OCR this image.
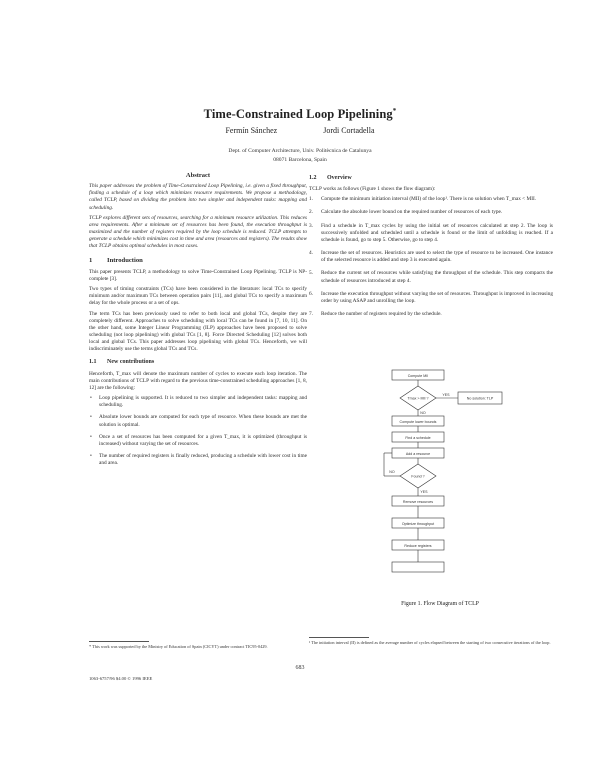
Time-Constrained Loop Pipelining*
Fermín Sánchez	Jordi Cortadella
Dept. of Computer Architecture, Univ. Politècnica de Catalunya
08071 Barcelona, Spain
Abstract

This paper addresses the problem of Time-Constrained Loop Pipelining, i.e. given a fixed throughput, finding a schedule of a loop which minimizes resource requirements. We propose a methodology, called TCLP, based on dividing the problem into two simpler and independent tasks: mapping and scheduling.

TCLP explores different sets of resources, searching for a minimum resource utilization. This reduces area requirements. After a minimum set of resources has been found, the execution throughput is maximized and the number of registers required by the loop schedule is reduced. TCLP attempts to generate a schedule which minimizes cost in time and area (resources and registers). The results show that TCLP obtains optimal schedules in most cases.

1 Introduction

This paper presents TCLP, a methodology to solve Time-Constrained Loop Pipelining. TCLP is NP-complete [3].

Two types of timing constraints (TCs) have been considered in the literature: local TCs to specify minimum and/or maximum TCs between operation pairs [11], and global TCs to specify a maximum delay for the whole process or a set of ops.

The term TCs has been previously used to refer to both local and global TCs, despite they are completely different. Approaches to solve scheduling with local TCs can be found in [7, 10, 11]. On the other hand, some Integer Linear Programming (ILP) approaches have been proposed to solve scheduling (not loop pipelining) with global TCs [1, 8]. Force Directed Scheduling [12] solves both local and global TCs. This paper addresses loop pipelining with global TCs. Henceforth, we will indiscriminately use the terms global TCs and TCs.

1.1 New contributions

Henceforth, T_max will denote the maximum number of cycles to execute each loop iteration. The main contributions of TCLP with regard to the previous time-constrained scheduling approaches [1, 8, 12] are the following:

• Loop pipelining is supported. It is reduced to two simpler and independent tasks: mapping and scheduling.
• Absolute lower bounds are computed for each type of resource. When these bounds are met the solution is optimal.
• Once a set of resources has been computed for a given T_max, it is optimized (throughput is increased) without varying the set of resources.
• The number of required registers is finally reduced, producing a schedule with lower cost in time and area.
* This work was supported by the Ministry of Education of Spain (CICYT) under contract TIC95-0429.
1.2 Overview

TCLP works as follows (Figure 1 shows the flow diagram):

1. Compute the minimum initiation interval (MII) of the loop¹. There is no solution when T_max < MII.
2. Calculate the absolute lower bound on the required number of resources of each type.
3. Find a schedule in T_max cycles by using the initial set of resources calculated at step 2. The loop is successively unfolded and scheduled until a schedule is found or the limit of unfolding is reached. If a schedule is found, go to step 5. Otherwise, go to step 4.
4. Increase the set of resources. Heuristics are used to select the type of resource to be increased. One instance of the selected resource is added and step 3 is executed again.
5. Reduce the current set of resources while satisfying the throughput of the schedule. This step compacts the schedule of resources introduced at step 4.
6. Increase the execution throughput without varying the set of resources. Throughput is improved in increasing order by using ASAP and unrolling the loop.
7. Reduce the number of registers required by the schedule.
Compute MII
Tmax > MII ?	No solution: TLP
Compute lower bounds
Find a schedule
Add a resource
Found ?
Remove resources
Optimize throughput
Reduce registers
YES
NO
NO
YES
Figure 1. Flow Diagram of TCLP
¹ The initiation interval (II) is defined as the average number of cycles elapsed between the starting of two consecutive iterations of the loop.
683
1063-6757/96 $4.00 © 1996 IEEE
